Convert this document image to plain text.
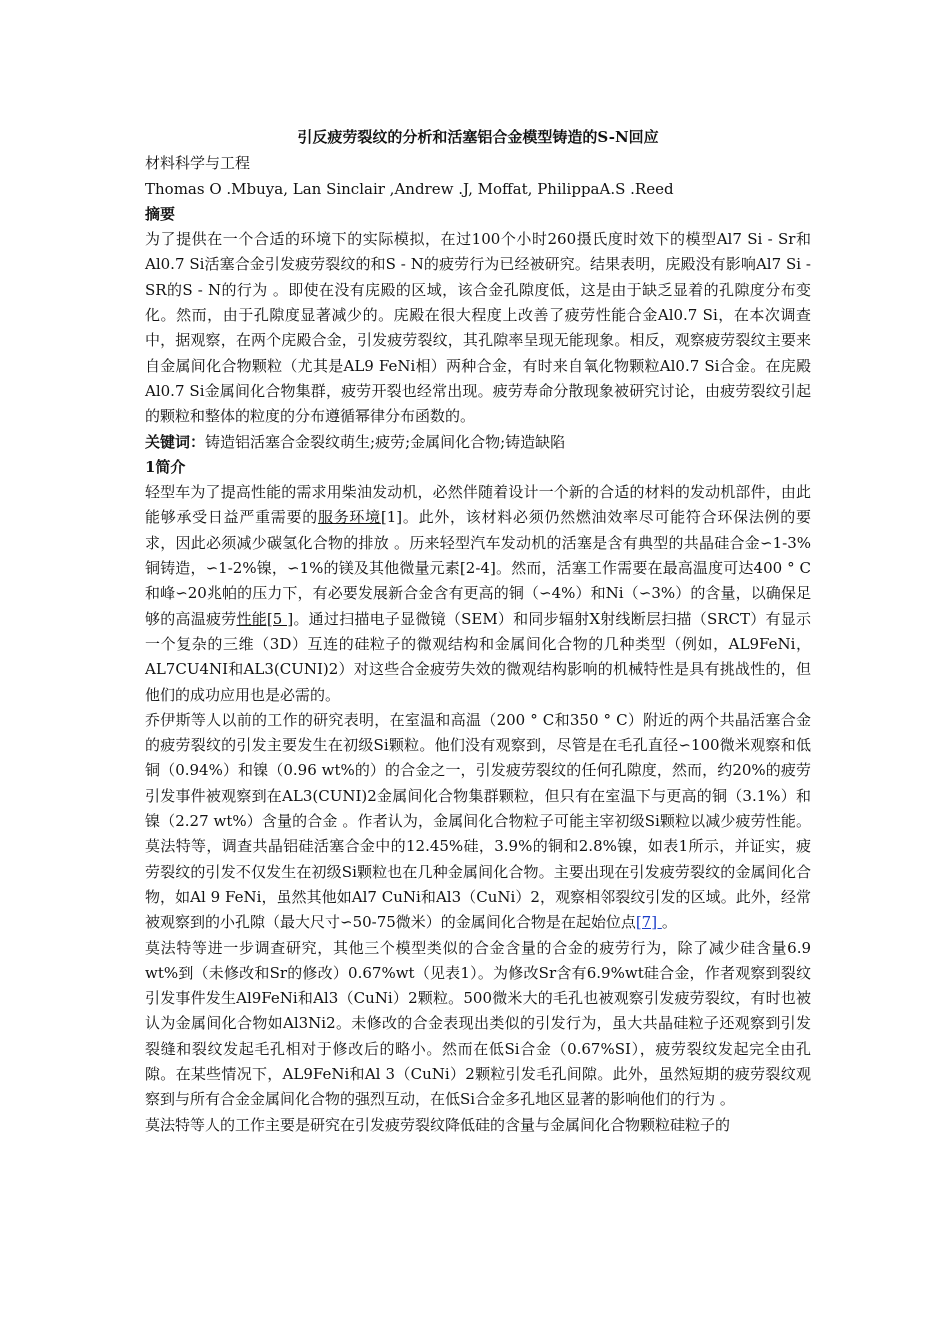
引反疲劳裂纹的分析和活塞铝合金模型铸造的S-N回应
材料科学与工程
Thomas O .Mbuya, Lan Sinclair ,Andrew .J, Moffat, PhilippaA.S .Reed
摘要

为了提供在一个合适的环境下的实际模拟，在过100个小时260摄氏度时效下的模型Al7 Si - Sr和Al0.7 Si活塞合金引发疲劳裂纹的和S - N的疲劳行为已经被研究。结果表明，庑殿没有影响Al7 Si - SR的S - N的行为 。即使在没有庑殿的区域，该合金孔隙度低，这是由于缺乏显着的孔隙度分布变化。然而，由于孔隙度显著减少的。庑殿在很大程度上改善了疲劳性能合金Al0.7 Si，在本次调查中，据观察，在两个庑殿合金，引发疲劳裂纹，其孔隙率呈现无能现象。相反，观察疲劳裂纹主要来自金属间化合物颗粒（尤其是AL9 FeNi相）两种合金，有时来自氧化物颗粒Al0.7 Si合金。在庑殿Al0.7 Si金属间化合物集群，疲劳开裂也经常出现。疲劳寿命分散现象被研究讨论，由疲劳裂纹引起的颗粒和整体的粒度的分布遵循幂律分布函数的。

关键词：铸造铝活塞合金裂纹萌生;疲劳;金属间化合物;铸造缺陷
1简介

轻型车为了提高性能的需求用柴油发动机，必然伴随着设计一个新的合适的材料的发动机部件，由此能够承受日益严重需要的服务环境[1]。此外，该材料必须仍然燃油效率尽可能符合环保法例的要求，因此必须减少碳氢化合物的排放 。历来轻型汽车发动机的活塞是含有典型的共晶硅合金∽1-3%铜铸造，∽1-2%镍，∽1%的镁及其他微量元素[2-4]。然而，活塞工作需要在最高温度可达400 ° C和峰∽20兆帕的压力下，有必要发展新合金含有更高的铜（∽4%）和Ni（∽3%）的含量，以确保足够的高温疲劳性能[5 ]。通过扫描电子显微镜（SEM）和同步辐射X射线断层扫描（SRCT）有显示一个复杂的三维（3D）互连的硅粒子的微观结构和金属间化合物的几种类型（例如，AL9FeNi，AL7CU4NI和AL3(CUNI)2）对这些合金疲劳失效的微观结构影响的机械特性是具有挑战性的，但他们的成功应用也是必需的。

乔伊斯等人以前的工作的研究表明，在室温和高温（200 ° C和350 ° C）附近的两个共晶活塞合金的疲劳裂纹的引发主要发生在初级Si颗粒。他们没有观察到，尽管是在毛孔直径∽100微米观察和低铜（0.94%）和镍（0.96 wt%的）的合金之一，引发疲劳裂纹的任何孔隙度，然而，约20%的疲劳引发事件被观察到在AL3(CUNI)2金属间化合物集群颗粒，但只有在室温下与更高的铜（3.1%）和镍（2.27 wt%）含量的合金 。作者认为，金属间化合物粒子可能主宰初级Si颗粒以减少疲劳性能。莫法特等，调查共晶铝硅活塞合金中的12.45%硅，3.9%的铜和2.8%镍，如表1所示，并证实，疲劳裂纹的引发不仅发生在初级Si颗粒也在几种金属间化合物。主要出现在引发疲劳裂纹的金属间化合物，如Al 9 FeNi，虽然其他如Al7 CuNi和Al3（CuNi）2，观察相邻裂纹引发的区域。此外，经常被观察到的小孔隙（最大尺寸∽50-75微米）的金属间化合物是在起始位点[7] 。

莫法特等进一步调查研究，其他三个模型类似的合金含量的合金的疲劳行为，除了减少硅含量6.9 wt%到（未修改和Sr的修改）0.67%wt（见表1）。为修改Sr含有6.9%wt硅合金，作者观察到裂纹引发事件发生Al9FeNi和Al3（CuNi）2颗粒。500微米大的毛孔也被观察引发疲劳裂纹，有时也被认为金属间化合物如Al3Ni2。未修改的合金表现出类似的引发行为，虽大共晶硅粒子还观察到引发裂缝和裂纹发起毛孔相对于修改后的略小。然而在低Si合金（0.67%SI），疲劳裂纹发起完全由孔隙。在某些情况下，AL9FeNi和Al 3（CuNi）2颗粒引发毛孔间隙。此外，虽然短期的疲劳裂纹观察到与所有合金金属间化合物的强烈互动，在低Si合金多孔地区显著的影响他们的行为 。

莫法特等人的工作主要是研究在引发疲劳裂纹降低硅的含量与金属间化合物颗粒硅粒子的
